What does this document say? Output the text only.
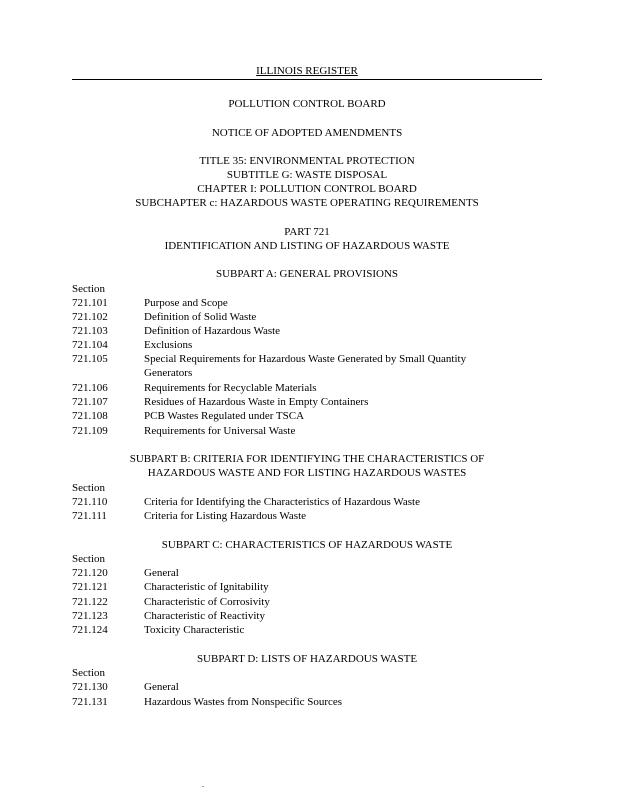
ILLINOIS REGISTER
POLLUTION CONTROL BOARD
NOTICE OF ADOPTED AMENDMENTS
TITLE 35: ENVIRONMENTAL PROTECTION
SUBTITLE G: WASTE DISPOSAL
CHAPTER I: POLLUTION CONTROL BOARD
SUBCHAPTER c: HAZARDOUS WASTE OPERATING REQUIREMENTS
PART 721
IDENTIFICATION AND LISTING OF HAZARDOUS WASTE
SUBPART A: GENERAL PROVISIONS
Section
721.101	Purpose and Scope
721.102	Definition of Solid Waste
721.103	Definition of Hazardous Waste
721.104	Exclusions
721.105	Special Requirements for Hazardous Waste Generated by Small Quantity Generators
721.106	Requirements for Recyclable Materials
721.107	Residues of Hazardous Waste in Empty Containers
721.108	PCB Wastes Regulated under TSCA
721.109	Requirements for Universal Waste
SUBPART B: CRITERIA FOR IDENTIFYING THE CHARACTERISTICS OF
HAZARDOUS WASTE AND FOR LISTING HAZARDOUS WASTES
Section
721.110	Criteria for Identifying the Characteristics of Hazardous Waste
721.111	Criteria for Listing Hazardous Waste
SUBPART C: CHARACTERISTICS OF HAZARDOUS WASTE
Section
721.120	General
721.121	Characteristic of Ignitability
721.122	Characteristic of Corrosivity
721.123	Characteristic of Reactivity
721.124	Toxicity Characteristic
SUBPART D: LISTS OF HAZARDOUS WASTE
Section
721.130	General
721.131	Hazardous Wastes from Nonspecific Sources
.
